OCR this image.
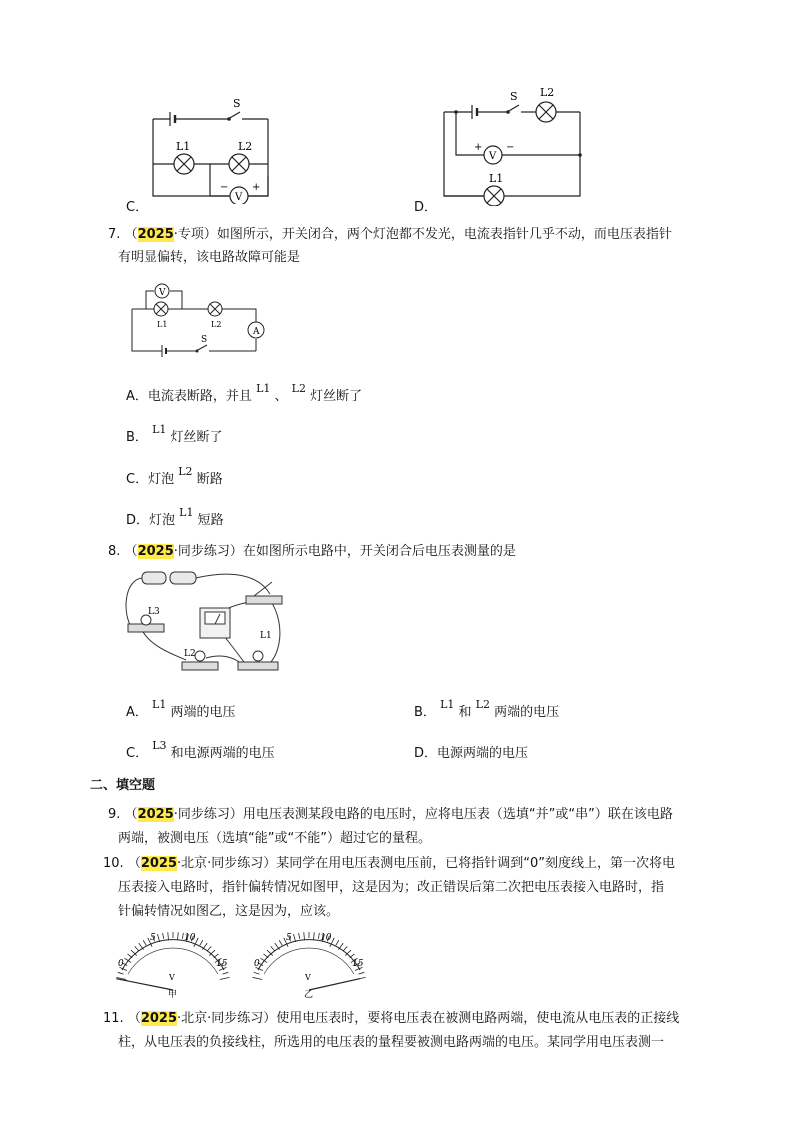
S
L1	L2
V
− +
C．
S L2
L1
V
+ −
D．
7. （2025·专项）如图所示，开关闭合，两个灯泡都不发光，电流表指针几乎不动，而电压表指针
有明显偏转，该电路故障可能是
V
A
L1	L2
S
A．电流表断路，并且 L1 、 L2 灯丝断了
B． L1 灯丝断了
C．灯泡 L2 断路
D．灯泡 L1 短路
8. （2025·同步练习）在如图所示电路中，开关闭合后电压表测量的是
L3
L2
L1
A． L1 两端的电压	B． L1 和 L2 两端的电压
C． L3 和电源两端的电压	D．电源两端的电压
二、填空题
9. （2025·同步练习）用电压表测某段电路的电压时，应将电压表（选填“并”或“串”）联在该电路
两端，被测电压（选填“能”或“不能”）超过它的量程。
10. （2025·北京·同步练习）某同学在用电压表测电压前，已将指针调到“0”刻度线上，第一次将电
压表接入电路时，指针偏转情况如图甲，这是因为；改正错误后第二次把电压表接入电路时，指
针偏转情况如图乙，这是因为，应该。
0
5	10
15
V
甲
0
5	10
15
V
乙
11. （2025·北京·同步练习）使用电压表时，要将电压表在被测电路两端，使电流从电压表的正接线
柱，从电压表的负接线柱，所选用的电压表的量程要被测电路两端的电压。某同学用电压表测一
